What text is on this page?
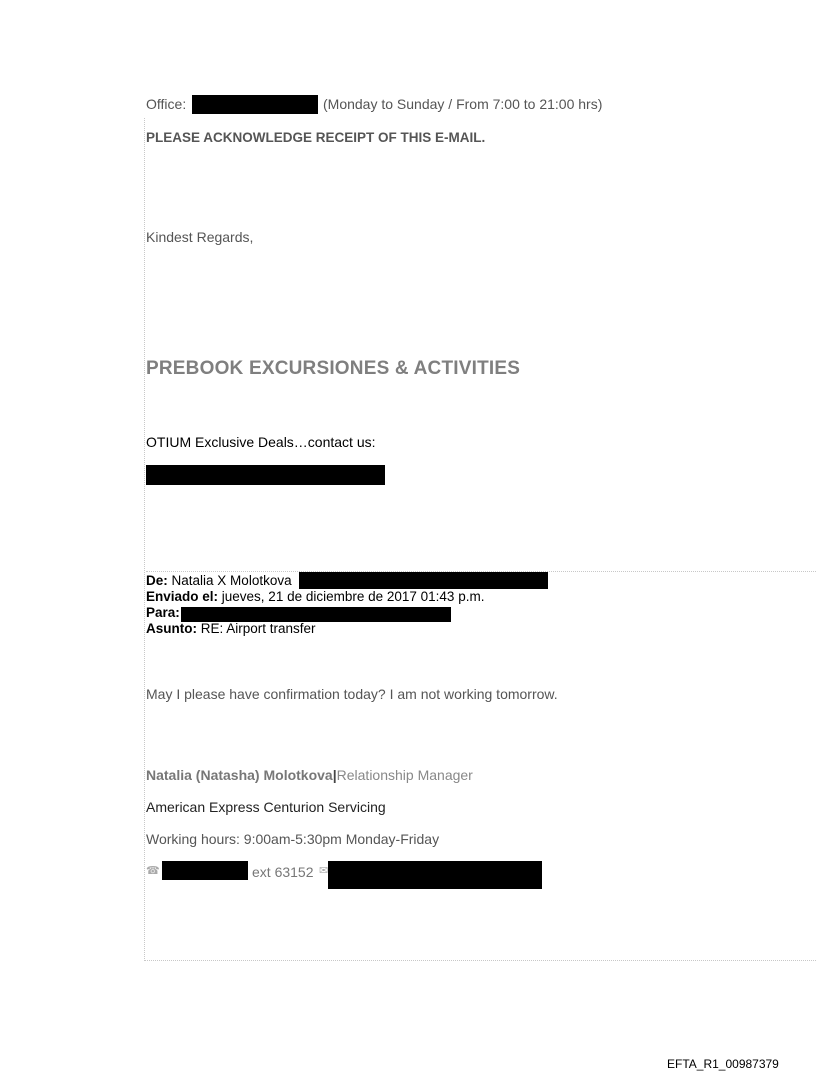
Office:	(Monday to Sunday / From 7:00 to 21:00 hrs)
PLEASE ACKNOWLEDGE RECEIPT OF THIS E-MAIL.
Kindest Regards,
PREBOOK EXCURSIONES & ACTIVITIES
OTIUM Exclusive Deals…contact us:
De: Natalia X Molotkova
Enviado el: jueves, 21 de diciembre de 2017 01:43 p.m.
Para:
Asunto: RE: Airport transfer
May I please have confirmation today? I am not working tomorrow.
Natalia (Natasha) Molotkova|Relationship Manager
American Express Centurion Servicing
Working hours: 9:00am-5:30pm Monday-Friday
☎	ext 63152 ✉
EFTA_R1_00987379
